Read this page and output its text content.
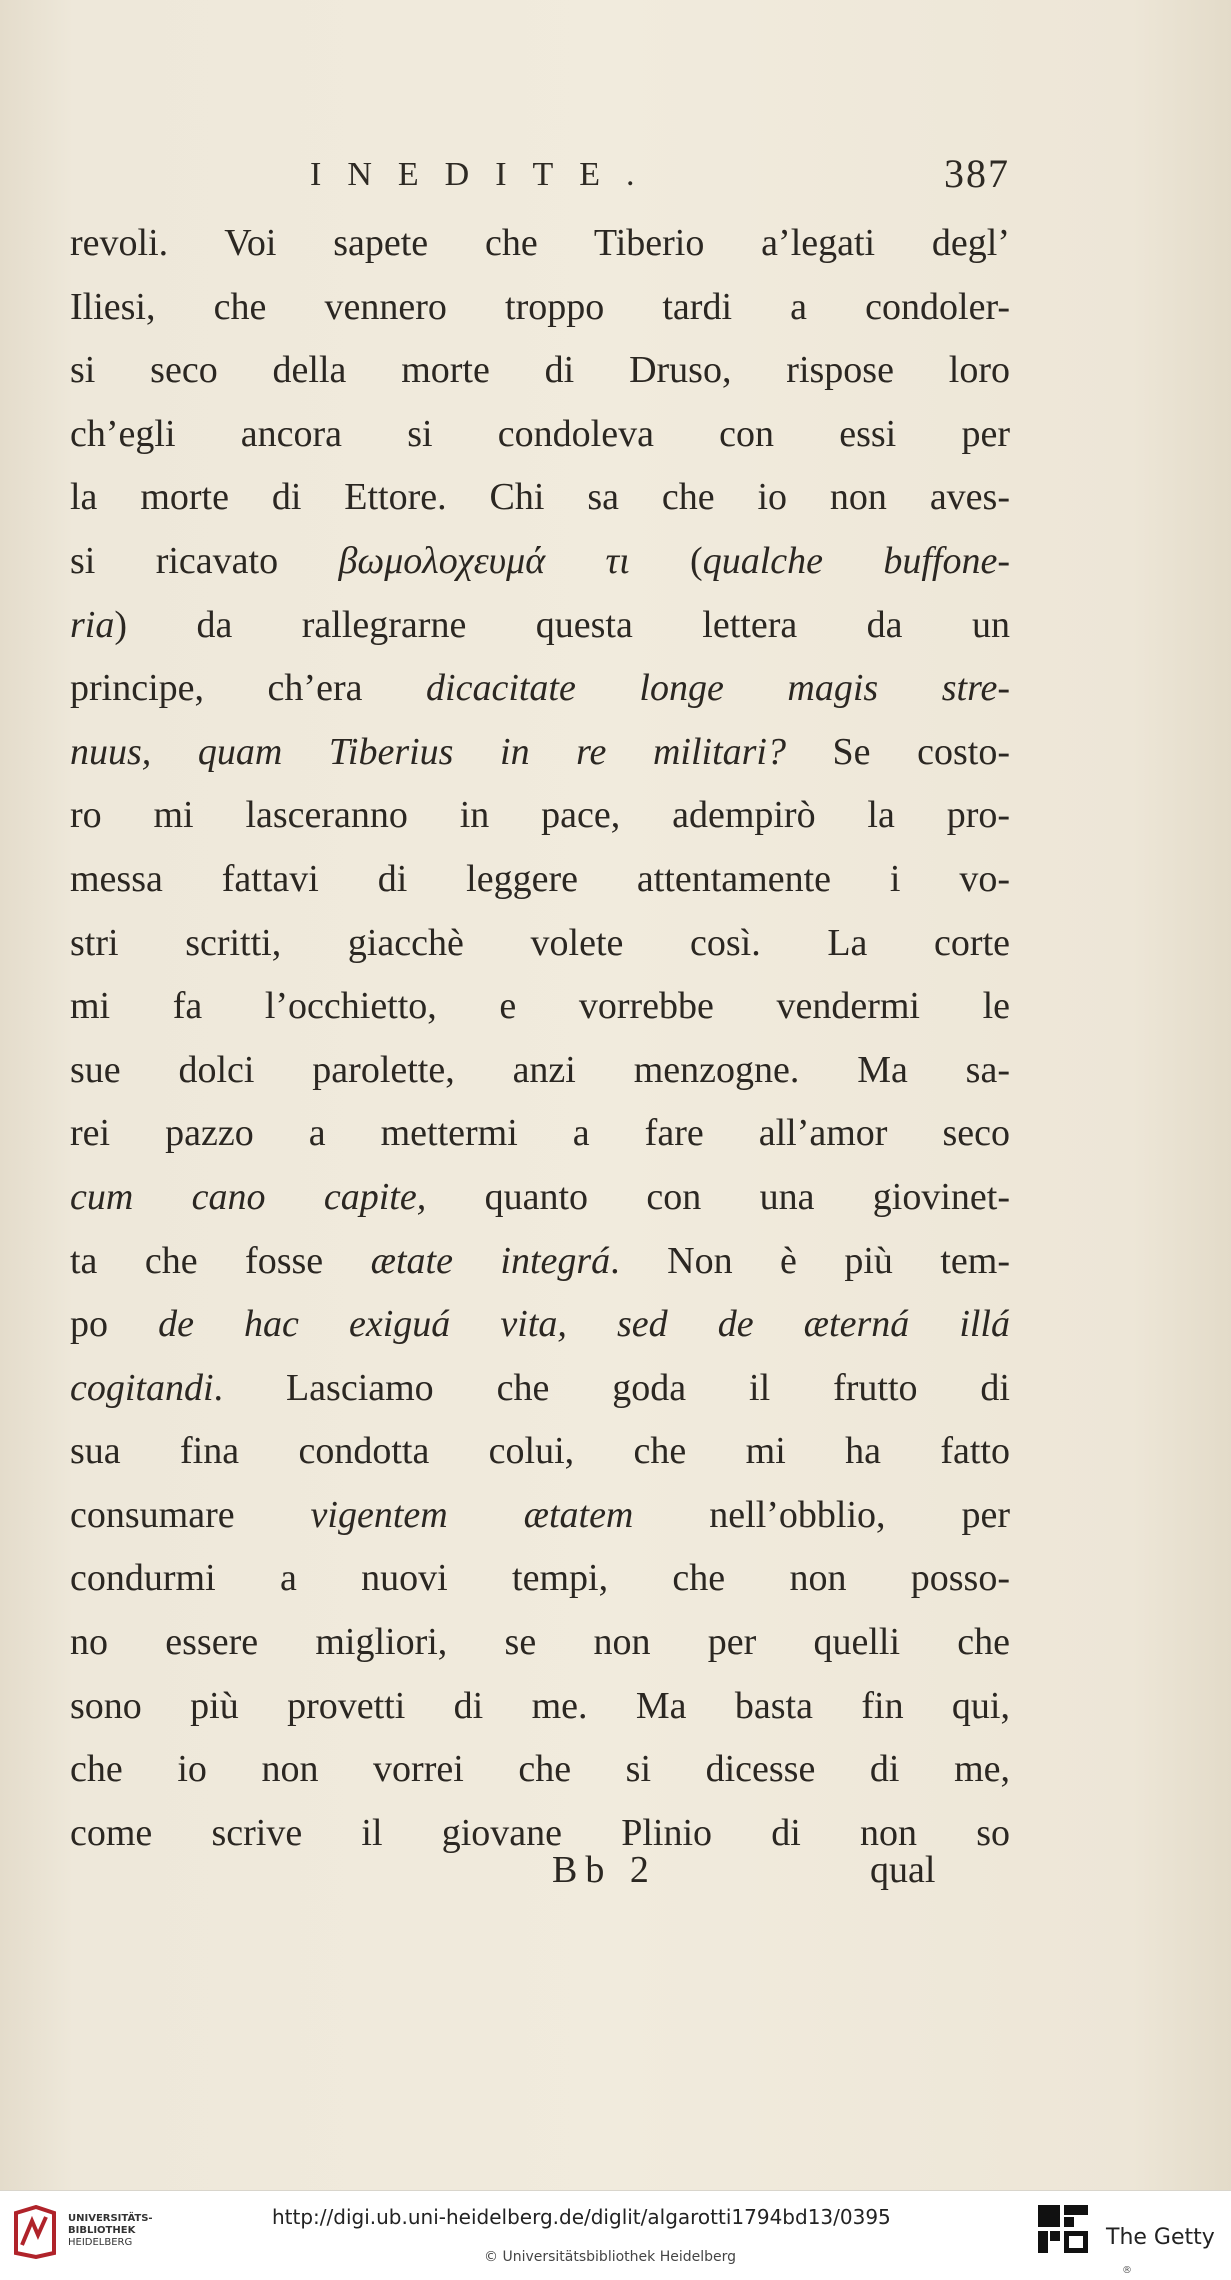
INEDITE.	387
revoli. Voi sapete che Tiberio a’legati degl’
Iliesi, che vennero troppo tardi a condoler-
si seco della morte di Druso, rispose loro
ch’egli ancora si condoleva con essi per
la morte di Ettore. Chi sa che io non aves-
si ricavato βωμολοχευμά τι (qualche buffone-
ria) da rallegrarne questa lettera da un
principe, ch’era dicacitate longe magis stre-
nuus, quam Tiberius in re militari? Se costo-
ro mi lasceranno in pace, adempirò la pro-
messa fattavi di leggere attentamente i vo-
stri scritti, giacchè volete così. La corte
mi fa l’occhietto, e vorrebbe vendermi le
sue dolci parolette, anzi menzogne. Ma sa-
rei pazzo a mettermi a fare all’amor seco
cum cano capite, quanto con una giovinet-
ta che fosse ætate integrá. Non è più tem-
po de hac exiguá vita, sed de æterná illá
cogitandi. Lasciamo che goda il frutto di
sua fina condotta colui, che mi ha fatto
consumare vigentem ætatem nell’obblio, per
condurmi a nuovi tempi, che non posso-
no essere migliori, se non per quelli che
sono più provetti di me. Ma basta fin qui,
che io non vorrei che si dicesse di me,
come scrive il giovane Plinio di non so
Bb 2	qual
UNIVERSITÄTS-
BIBLIOTHEK
HEIDELBERG
http://digi.ub.uni-heidelberg.de/diglit/algarotti1794bd13/0395
© Universitätsbibliothek Heidelberg
®
The Getty
